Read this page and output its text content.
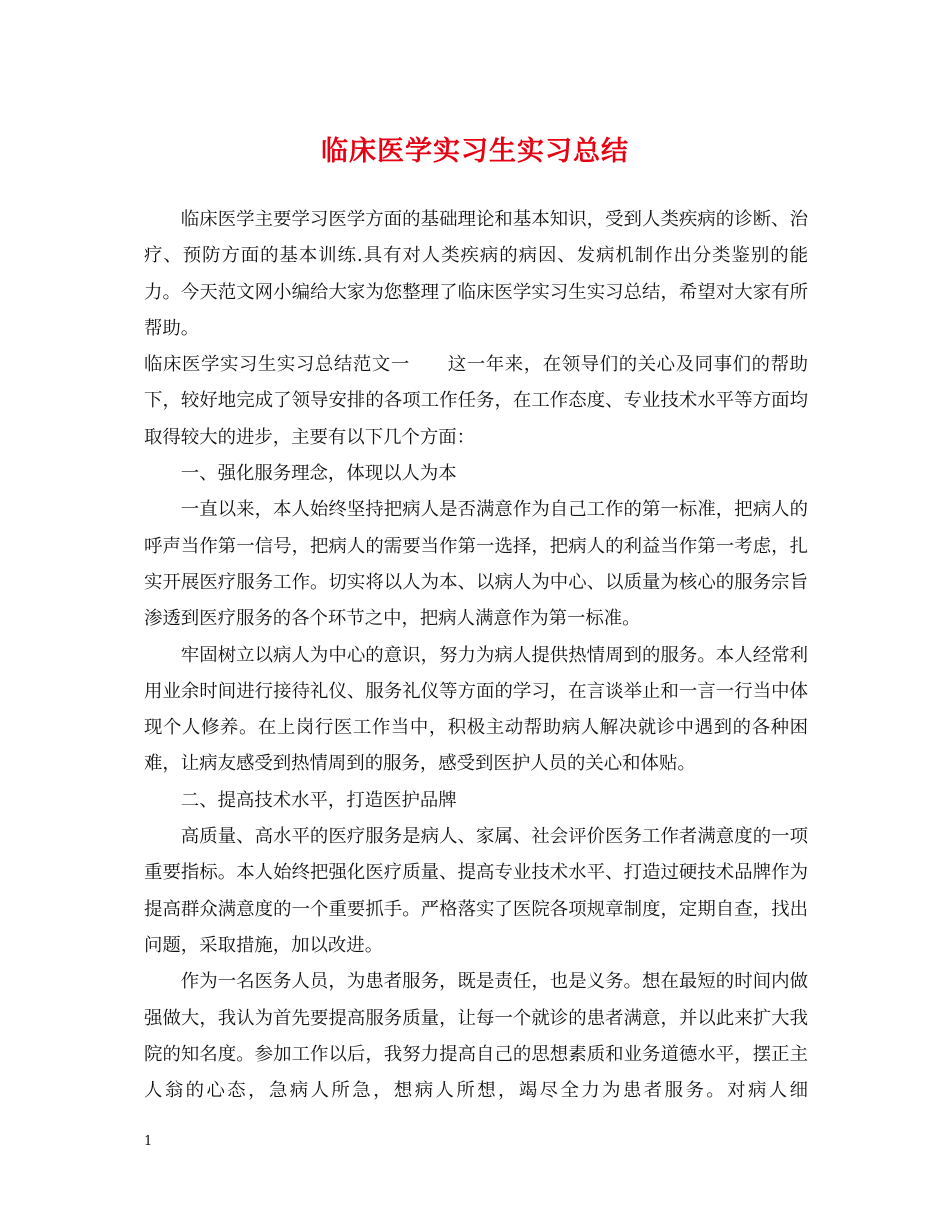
临床医学实习生实习总结

临床医学主要学习医学方面的基础理论和基本知识，受到人类疾病的诊断、治疗、预防方面的基本训练.具有对人类疾病的病因、发病机制作出分类鉴别的能力。今天范文网小编给大家为您整理了临床医学实习生实习总结，希望对大家有所帮助。

临床医学实习生实习总结范文一　　这一年来，在领导们的关心及同事们的帮助下，较好地完成了领导安排的各项工作任务，在工作态度、专业技术水平等方面均取得较大的进步，主要有以下几个方面：

一、强化服务理念，体现以人为本

一直以来，本人始终坚持把病人是否满意作为自己工作的第一标准，把病人的呼声当作第一信号，把病人的需要当作第一选择，把病人的利益当作第一考虑，扎实开展医疗服务工作。切实将以人为本、以病人为中心、以质量为核心的服务宗旨渗透到医疗服务的各个环节之中，把病人满意作为第一标准。

牢固树立以病人为中心的意识，努力为病人提供热情周到的服务。本人经常利用业余时间进行接待礼仪、服务礼仪等方面的学习，在言谈举止和一言一行当中体现个人修养。在上岗行医工作当中，积极主动帮助病人解决就诊中遇到的各种困难，让病友感受到热情周到的服务，感受到医护人员的关心和体贴。

二、提高技术水平，打造医护品牌

高质量、高水平的医疗服务是病人、家属、社会评价医务工作者满意度的一项重要指标。本人始终把强化医疗质量、提高专业技术水平、打造过硬技术品牌作为提高群众满意度的一个重要抓手。严格落实了医院各项规章制度，定期自查，找出问题，采取措施，加以改进。

作为一名医务人员，为患者服务，既是责任，也是义务。想在最短的时间内做强做大，我认为首先要提高服务质量，让每一个就诊的患者满意，并以此来扩大我院的知名度。参加工作以后，我努力提高自己的思想素质和业务道德水平，摆正主人翁的心态，急病人所急，想病人所想，竭尽全力为患者服务。对病人细

1
